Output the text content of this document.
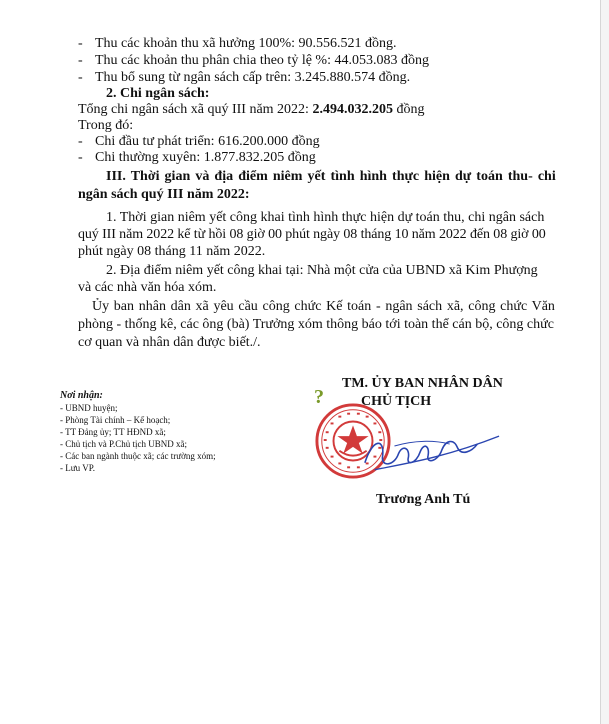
- Thu các khoản thu xã hưởng 100%: 90.556.521 đồng.
- Thu các khoản thu phân chia theo tỷ lệ %: 44.053.083 đồng
- Thu bổ sung từ ngân sách cấp trên: 3.245.880.574 đồng.
2. Chi ngân sách:
Tổng chi ngân sách xã quý III năm 2022: 2.494.032.205 đồng
Trong đó:
- Chi đầu tư phát triển: 616.200.000 đồng
- Chi thường xuyên: 1.877.832.205 đồng
III. Thời gian và địa điểm niêm yết tình hình thực hiện dự toán thu- chi
ngân sách quý III năm 2022:
1. Thời gian niêm yết công khai tình hình thực hiện dự toán thu, chi ngân sách
quý III năm 2022 kể từ hồi 08 giờ 00 phút ngày 08 tháng 10 năm 2022 đến 08 giờ 00
phút ngày 08 tháng 11 năm 2022.
2. Địa điểm niêm yết công khai tại: Nhà một cửa của UBND xã Kim Phượng
và các nhà văn hóa xóm.
Ủy ban nhân dân xã yêu cầu công chức Kế toán - ngân sách xã, công chức Văn
phòng - thống kê, các ông (bà) Trưởng xóm thông báo tới toàn thể cán bộ, công chức
cơ quan và nhân dân được biết./.
Nơi nhận:
- UBND huyện;
- Phòng Tài chính – Kế hoạch;
- TT Đảng ủy; TT HĐND xã;
- Chủ tịch và P.Chủ tịch UBND xã;
- Các ban ngành thuộc xã; các trường xóm;
- Lưu VP.
TM. ỦY BAN NHÂN DÂN
CHỦ TỊCH
?
Trương Anh Tú
